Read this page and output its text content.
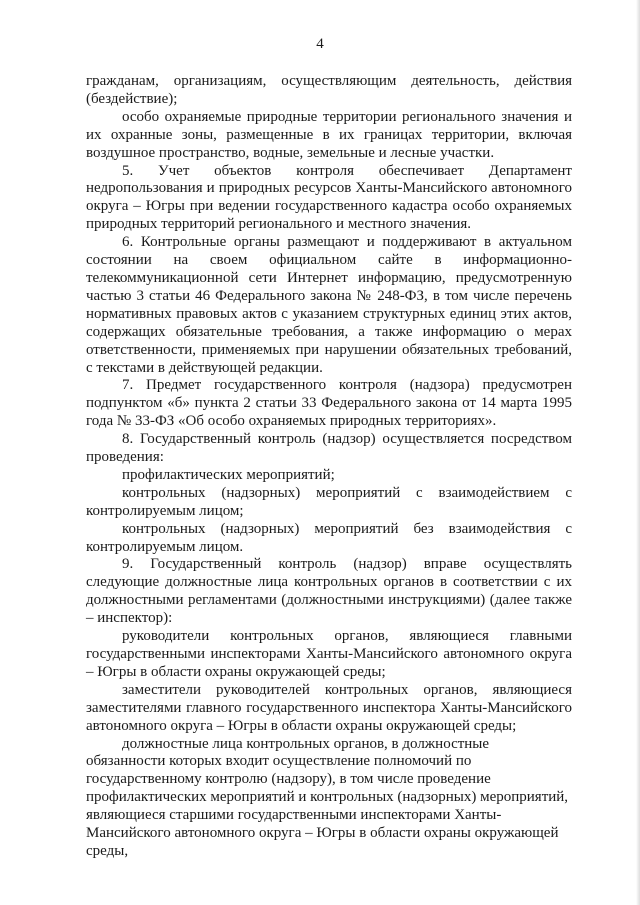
4

гражданам, организациям, осуществляющим деятельность, действия (бездействие);

особо охраняемые природные территории регионального значения и их охранные зоны, размещенные в их границах территории, включая воздушное пространство, водные, земельные и лесные участки.

5. Учет объектов контроля обеспечивает Департамент недропользования и природных ресурсов Ханты-Мансийского автономного округа – Югры при ведении государственного кадастра особо охраняемых природных территорий регионального и местного значения.

6. Контрольные органы размещают и поддерживают в актуальном состоянии на своем официальном сайте в информационно-телекоммуникационной сети Интернет информацию, предусмотренную частью 3 статьи 46 Федерального закона № 248-ФЗ, в том числе перечень нормативных правовых актов с указанием структурных единиц этих актов, содержащих обязательные требования, а также информацию о мерах ответственности, применяемых при нарушении обязательных требований, с текстами в действующей редакции.

7. Предмет государственного контроля (надзора) предусмотрен подпунктом «б» пункта 2 статьи 33 Федерального закона от 14 марта 1995 года № 33-ФЗ «Об особо охраняемых природных территориях».

8. Государственный контроль (надзор) осуществляется посредством проведения:

профилактических мероприятий;

контрольных (надзорных) мероприятий с взаимодействием с контролируемым лицом;

контрольных (надзорных) мероприятий без взаимодействия с контролируемым лицом.

9. Государственный контроль (надзор) вправе осуществлять следующие должностные лица контрольных органов в соответствии с их должностными регламентами (должностными инструкциями) (далее также – инспектор):

руководители контрольных органов, являющиеся главными государственными инспекторами Ханты-Мансийского автономного округа – Югры в области охраны окружающей среды;

заместители руководителей контрольных органов, являющиеся заместителями главного государственного инспектора Ханты-Мансийского автономного округа – Югры в области охраны окружающей среды;

должностные лица контрольных органов, в должностные обязанности которых входит осуществление полномочий по государственному контролю (надзору), в том числе проведение профилактических мероприятий и контрольных (надзорных) мероприятий, являющиеся старшими государственными инспекторами Ханты-Мансийского автономного округа – Югры в области охраны окружающей среды,
